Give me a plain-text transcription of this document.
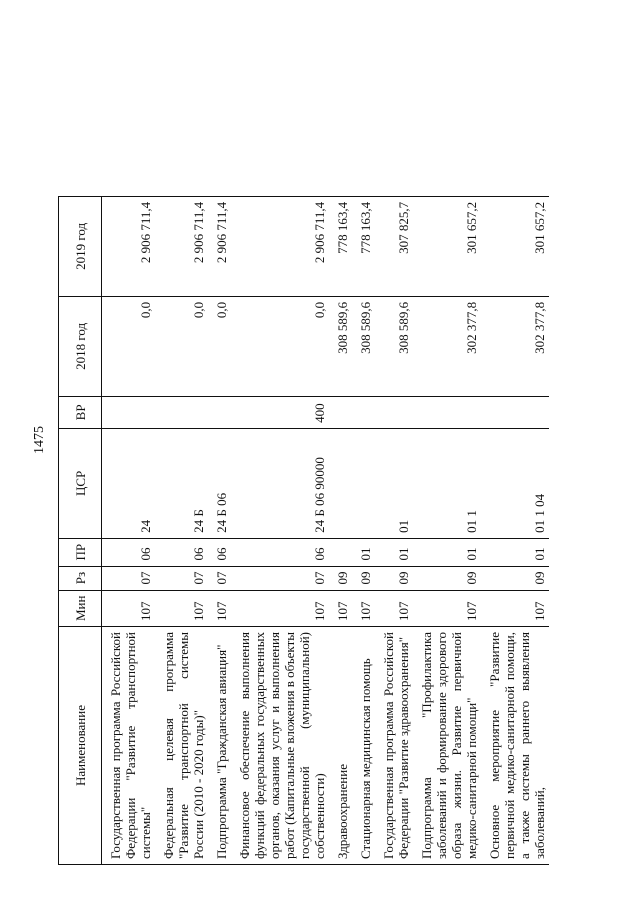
1475
Наименование	Мин	Рз	ПР	ЦСР	ВР	2018 год	2019 год
Государственная программа Российской Федерации "Развитие транспортной системы"	107	07	06	24		0,0	2 906 711,4
Федеральная целевая программа "Развитие транспортной системы России (2010 - 2020 годы)"	107	07	06	24 Б		0,0	2 906 711,4
Подпрограмма "Гражданская авиация"	107	07	06	24 Б 06		0,0	2 906 711,4
Финансовое обеспечение выполнения функций федеральных государственных органов, оказания услуг и выполнения работ (Капитальные вложения в объекты государственной (муниципальной) собственности)	107	07	06	24 Б 06 90000	400	0,0	2 906 711,4
Здравоохранение	107	09				308 589,6	778 163,4
Стационарная медицинская помощь	107	09	01			308 589,6	778 163,4
Государственная программа Российской Федерации "Развитие здравоохранения"	107	09	01	01		308 589,6	307 825,7
Подпрограмма "Профилактика заболеваний и формирование здорового образа жизни. Развитие первичной медико-санитарной помощи"	107	09	01	01 1		302 377,8	301 657,2
Основное мероприятие "Развитие первичной медико-санитарной помощи, а также системы раннего выявления заболеваний,	107	09	01	01 1 04		302 377,8	301 657,2
